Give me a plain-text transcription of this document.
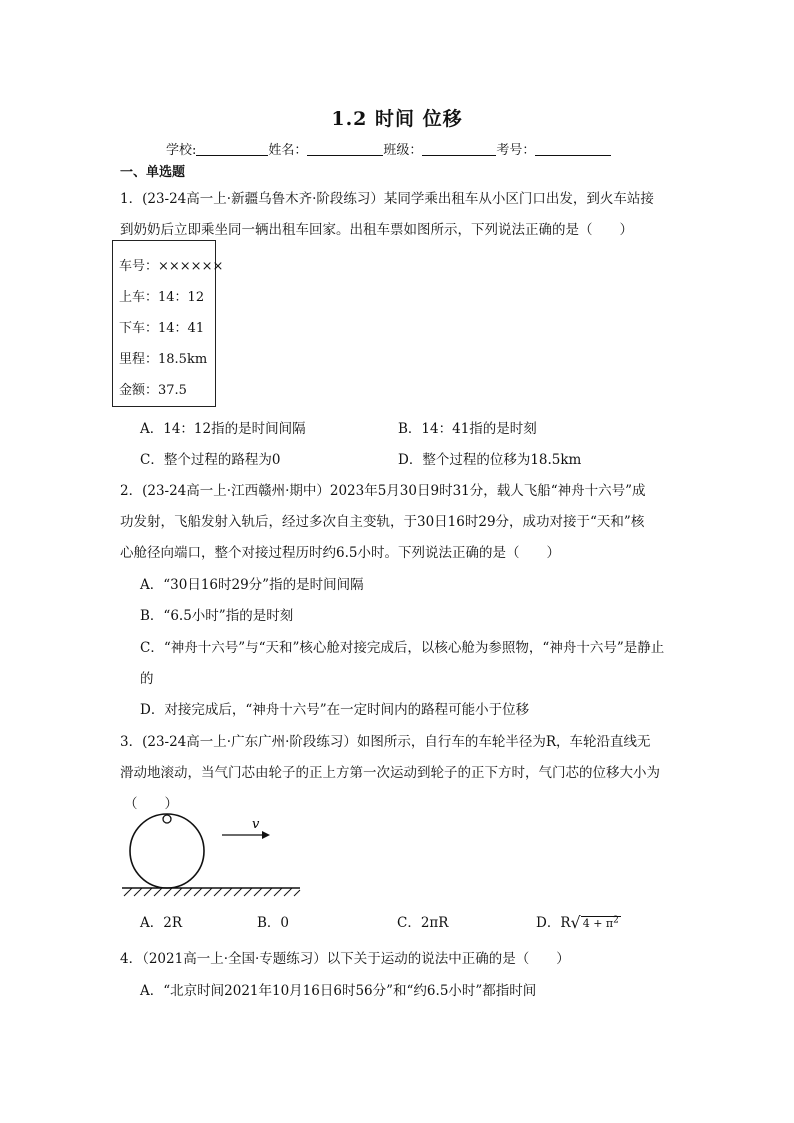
1.2 时间 位移
学校:	姓名：	班级：	考号：
一、单选题
1．(23-24高一上·新疆乌鲁木齐·阶段练习）某同学乘出租车从小区门口出发，到火车站接
到奶奶后立即乘坐同一辆出租车回家。出租车票如图所示，下列说法正确的是（　　）
车号：××××××
上车：14：12
下车：14：41
里程：18.5km
金额：37.5
A．14：12指的是时间间隔	B．14：41指的是时刻
C．整个过程的路程为0	D．整个过程的位移为18.5km
2．(23-24高一上·江西赣州·期中）2023年5月30日9时31分，载人飞船“神舟十六号”成
功发射，飞船发射入轨后，经过多次自主变轨，于30日16时29分，成功对接于“天和”核
心舱径向端口，整个对接过程历时约6.5小时。下列说法正确的是（　　）
A．“30日16时29分”指的是时间间隔
B．“6.5小时”指的是时刻
C．“神舟十六号”与“天和”核心舱对接完成后，以核心舱为参照物，“神舟十六号”是静止
的
D．对接完成后，“神舟十六号”在一定时间内的路程可能小于位移
3．(23-24高一上·广东广州·阶段练习）如图所示，自行车的车轮半径为R，车轮沿直线无
滑动地滚动，当气门芯由轮子的正上方第一次运动到轮子的正下方时，气门芯的位移大小为
（　　）
v
A．2R	B．0	C．2πR	D．R√ $4 + \pi^2$
4．（2021高一上·全国·专题练习）以下关于运动的说法中正确的是（　　）
A．“北京时间2021年10月16日6时56分”和“约6.5小时”都指时间
